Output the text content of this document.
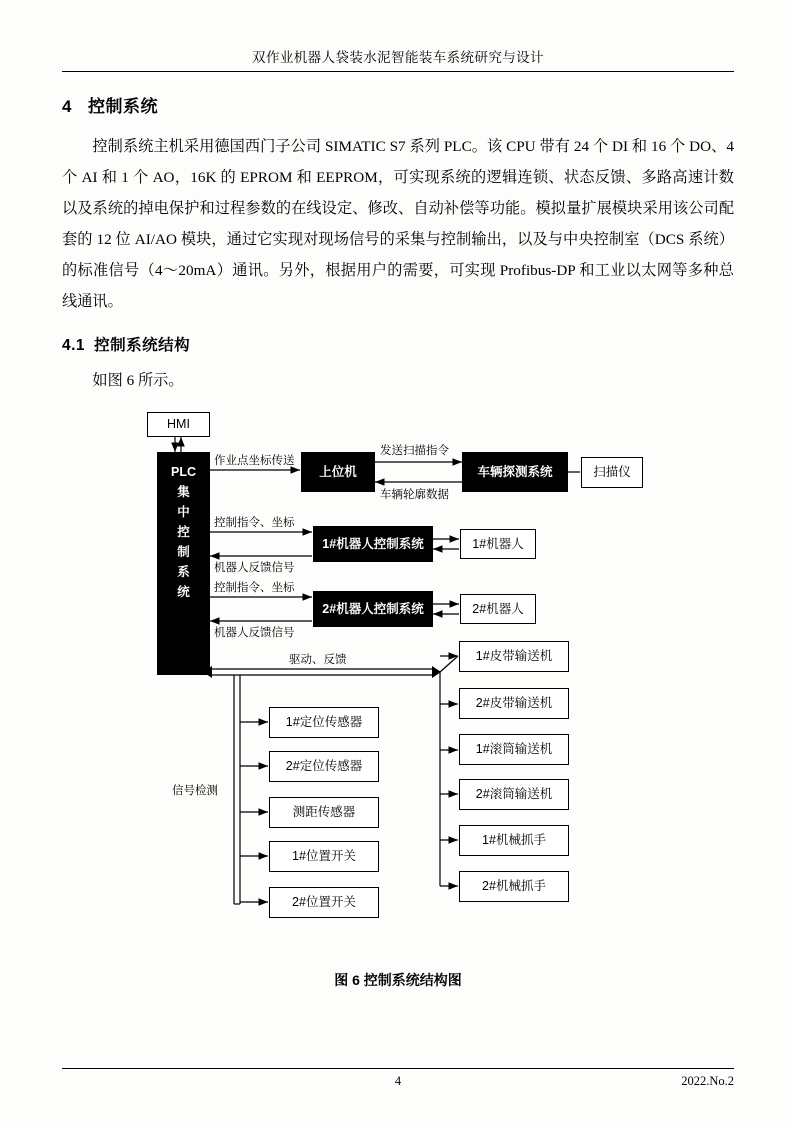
双作业机器人袋装水泥智能装车系统研究与设计
4 控制系统

控制系统主机采用德国西门子公司 SIMATIC S7 系列 PLC。该 CPU 带有 24 个 DI 和 16 个 DO、4 个 AI 和 1 个 AO，16K 的 EPROM 和 EEPROM，可实现系统的逻辑连锁、状态反馈、多路高速计数以及系统的掉电保护和过程参数的在线设定、修改、自动补偿等功能。模拟量扩展模块采用该公司配套的 12 位 AI/AO 模块，通过它实现对现场信号的采集与控制输出，以及与中央控制室（DCS 系统）的标准信号（4～20mA）通讯。另外，根据用户的需要，可实现 Profibus-DP 和工业以太网等多种总线通讯。

4.1 控制系统结构

如图 6 所示。

HMI
PLC
集
中
控
制
系
统
上位机	车辆探测系统	扫描仪
1#机器人控制系统	1#机器人
2#机器人控制系统	2#机器人
1#皮带输送机
2#皮带输送机
1#滚筒输送机
2#滚筒输送机
1#机械抓手
2#机械抓手
1#定位传感器
2#定位传感器
测距传感器
1#位置开关
2#位置开关
作业点坐标传送
发送扫描指令
车辆轮廓数据
控制指令、坐标
机器人反馈信号
控制指令、坐标
机器人反馈信号
驱动、反馈
信号检测
图 6 控制系统结构图
4	2022.No.2
